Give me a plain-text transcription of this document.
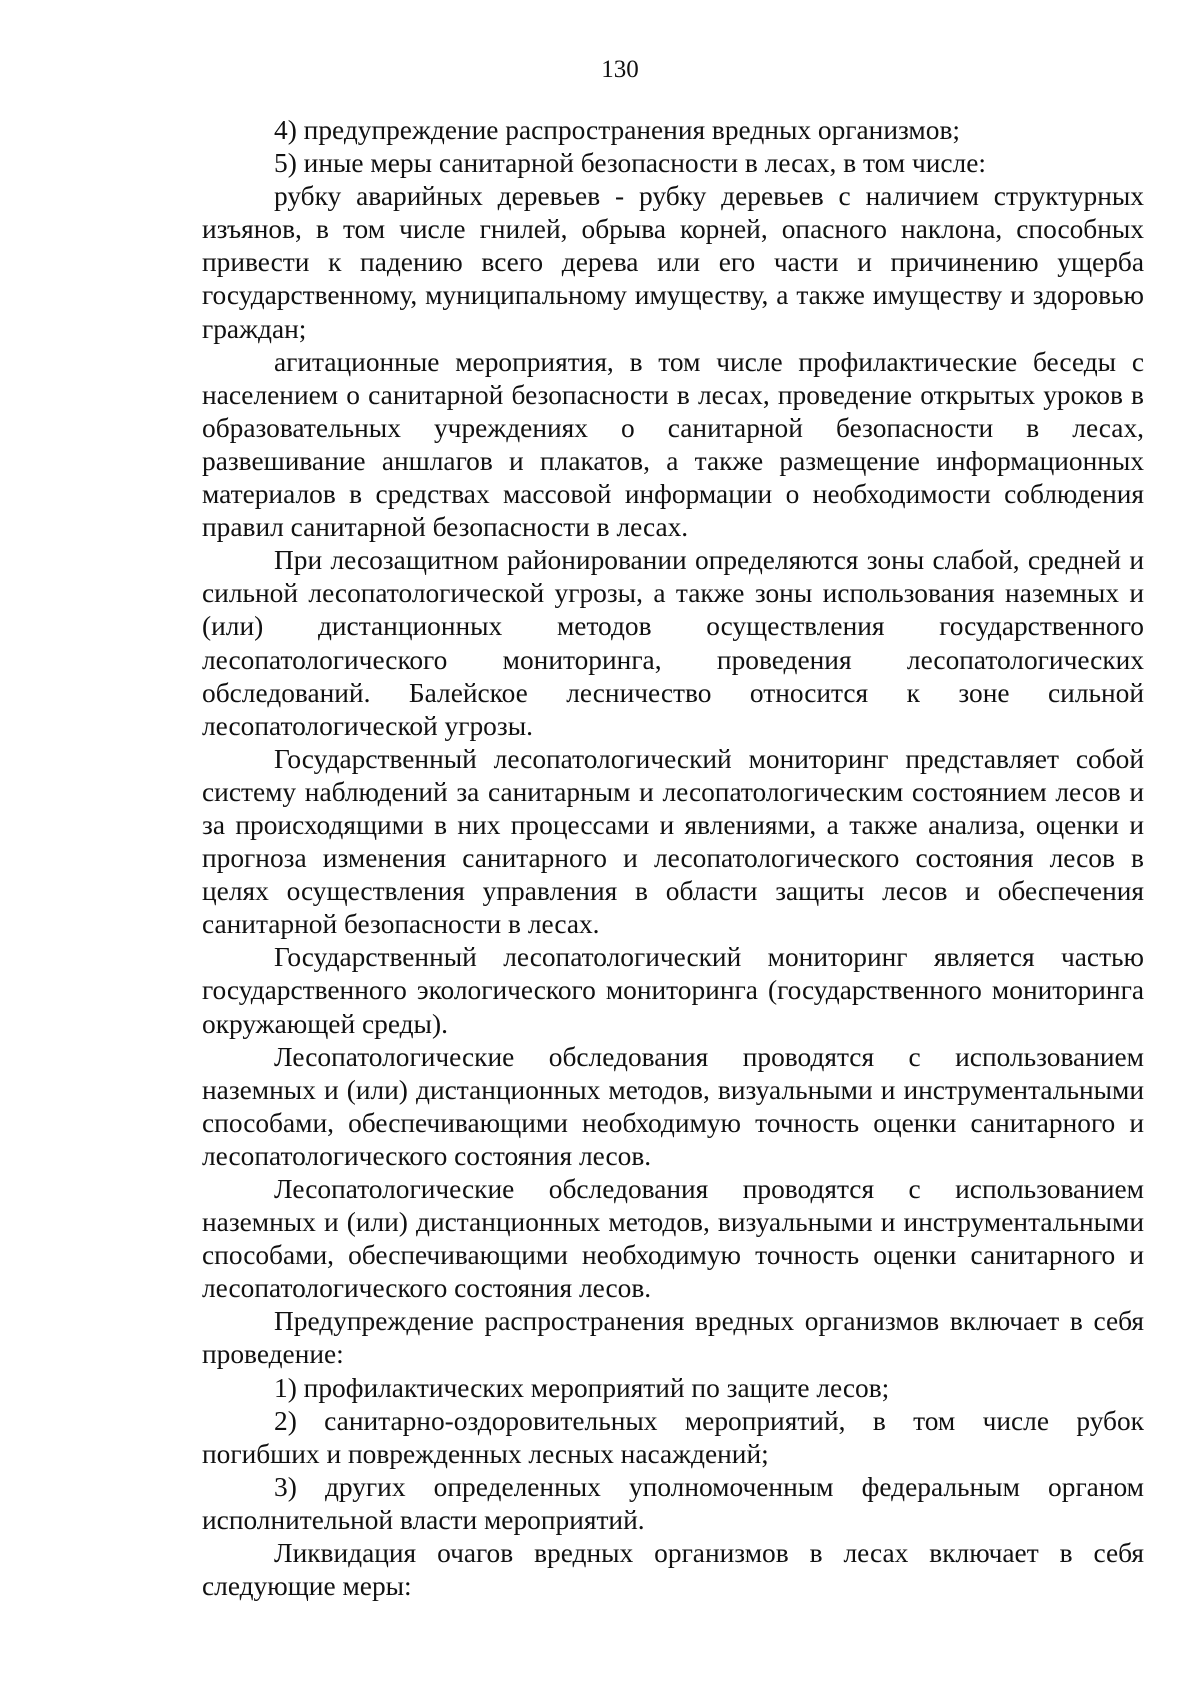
130

4) предупреждение распространения вредных организмов;

5) иные меры санитарной безопасности в лесах, в том числе:

рубку аварийных деревьев - рубку деревьев с наличием структурных изъянов, в том числе гнилей, обрыва корней, опасного наклона, способных привести к падению всего дерева или его части и причинению ущерба государственному, муниципальному имуществу, а также имуществу и здоровью граждан;

агитационные мероприятия, в том числе профилактические беседы с населением о санитарной безопасности в лесах, проведение открытых уроков в образовательных учреждениях о санитарной безопасности в лесах, развешивание аншлагов и плакатов, а также размещение информационных материалов в средствах массовой информации о необходимости соблюдения правил санитарной безопасности в лесах.

При лесозащитном районировании определяются зоны слабой, средней и сильной лесопатологической угрозы, а также зоны использования наземных и (или) дистанционных методов осуществления государственного лесопатологического мониторинга, проведения лесопатологических обследований. Балейское лесничество относится к зоне сильной лесопатологической угрозы.

Государственный лесопатологический мониторинг представляет собой систему наблюдений за санитарным и лесопатологическим состоянием лесов и за происходящими в них процессами и явлениями, а также анализа, оценки и прогноза изменения санитарного и лесопатологического состояния лесов в целях осуществления управления в области защиты лесов и обеспечения санитарной безопасности в лесах.

Государственный лесопатологический мониторинг является частью государственного экологического мониторинга (государственного мониторинга окружающей среды).

Лесопатологические обследования проводятся с использованием наземных и (или) дистанционных методов, визуальными и инструментальными способами, обеспечивающими необходимую точность оценки санитарного и лесопатологического состояния лесов.

Лесопатологические обследования проводятся с использованием наземных и (или) дистанционных методов, визуальными и инструментальными способами, обеспечивающими необходимую точность оценки санитарного и лесопатологического состояния лесов.

Предупреждение распространения вредных организмов включает в себя проведение:

1) профилактических мероприятий по защите лесов;

2) санитарно-оздоровительных мероприятий, в том числе рубок погибших и поврежденных лесных насаждений;

3) других определенных уполномоченным федеральным органом исполнительной власти мероприятий.

Ликвидация очагов вредных организмов в лесах включает в себя следующие меры:
